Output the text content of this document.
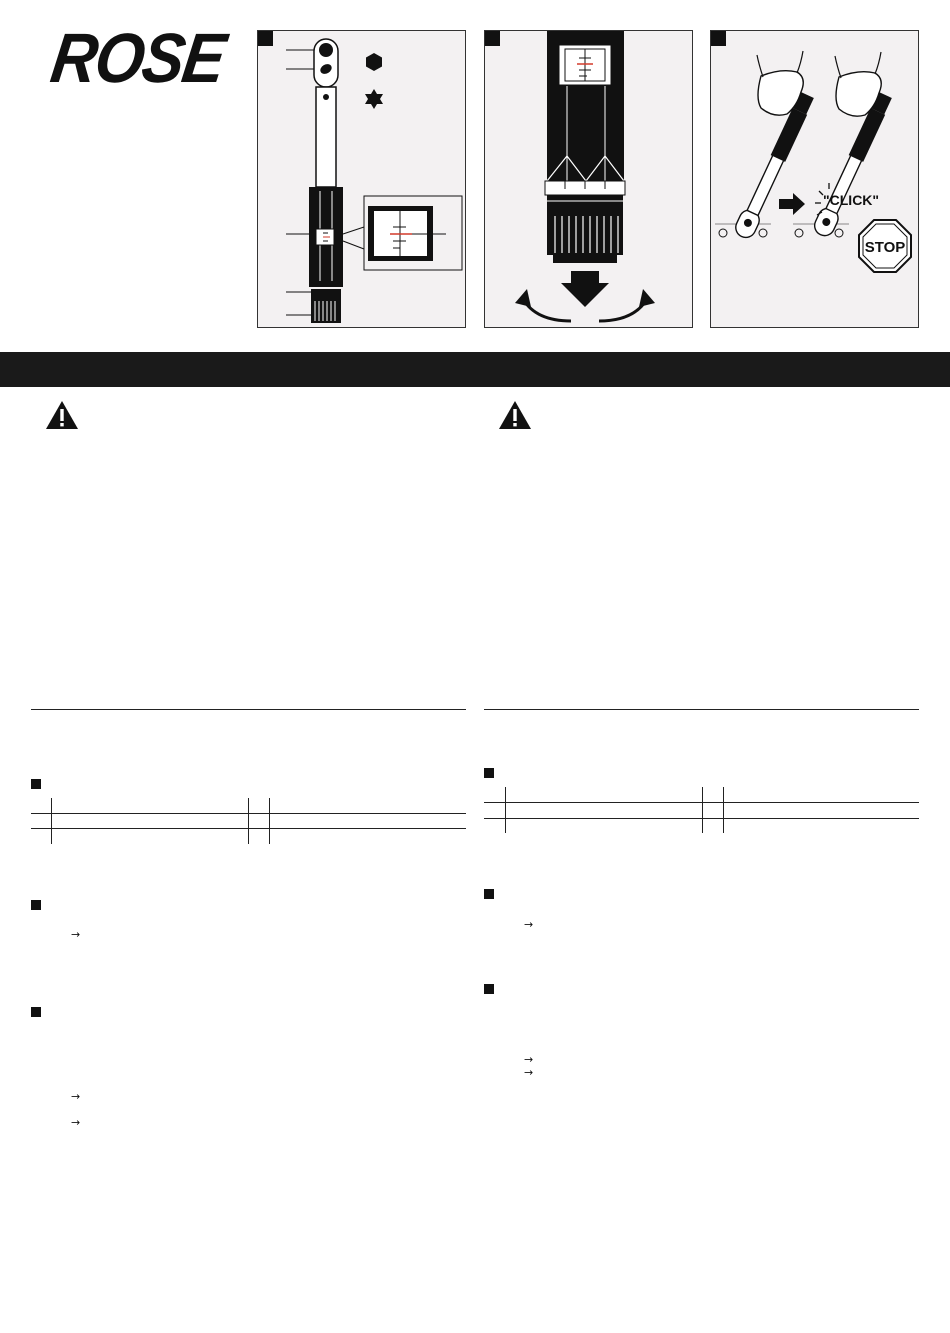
ROSE
"CLICK"
STOP
→
→
→
→
→
→
